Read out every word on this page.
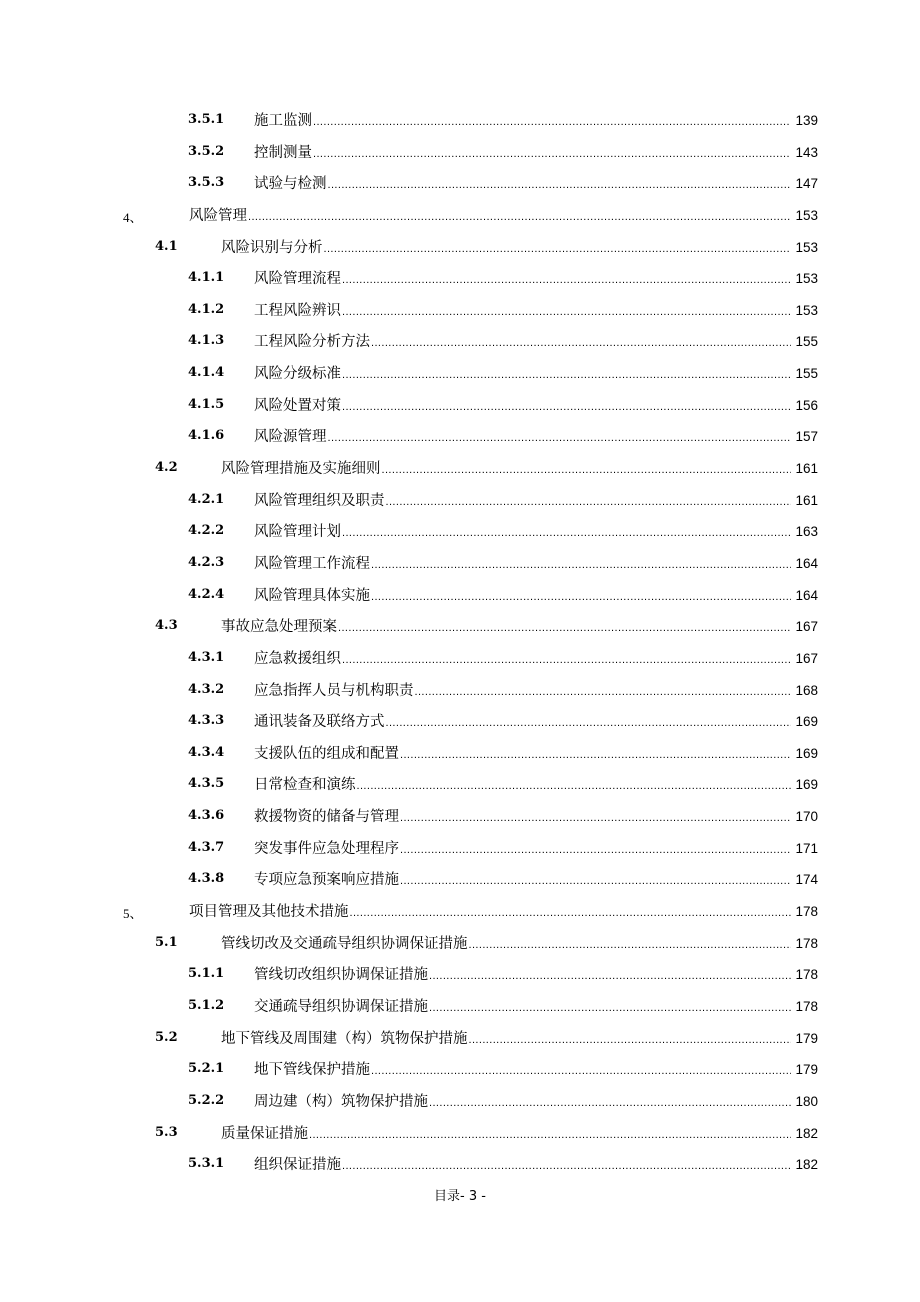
3.5.1 施工监测 .....	139
3.5.2 控制测量 .....	143
3.5.3 试验与检测 .....	147
4、	风险管理 .....	153
4.1	风险识别与分析 .....	153
4.1.1 风险管理流程 .....	153
4.1.2 工程风险辨识 .....	153
4.1.3 工程风险分析方法 .....	155
4.1.4 风险分级标准 .....	155
4.1.5 风险处置对策 .....	156
4.1.6 风险源管理 .....	157
4.2	风险管理措施及实施细则 .....	161
4.2.1 风险管理组织及职责 .....	161
4.2.2 风险管理计划 .....	163
4.2.3 风险管理工作流程 .....	164
4.2.4 风险管理具体实施 .....	164
4.3	事故应急处理预案 .....	167
4.3.1 应急救援组织 .....	167
4.3.2 应急指挥人员与机构职责 .....	168
4.3.3 通讯装备及联络方式 .....	169
4.3.4 支援队伍的组成和配置 .....	169
4.3.5 日常检查和演练 .....	169
4.3.6 救援物资的储备与管理 .....	170
4.3.7 突发事件应急处理程序 .....	171
4.3.8 专项应急预案响应措施 .....	174
5、	项目管理及其他技术措施 .....	178
5.1	管线切改及交通疏导组织协调保证措施 .....	178
5.1.1 管线切改组织协调保证措施 .....	178
5.1.2 交通疏导组织协调保证措施 .....	178
5.2	地下管线及周围建（构）筑物保护措施 .....	179
5.2.1 地下管线保护措施 .....	179
5.2.2 周边建（构）筑物保护措施 .....	180
5.3	质量保证措施 .....	182
5.3.1 组织保证措施 .....	182
目录- 3 -
